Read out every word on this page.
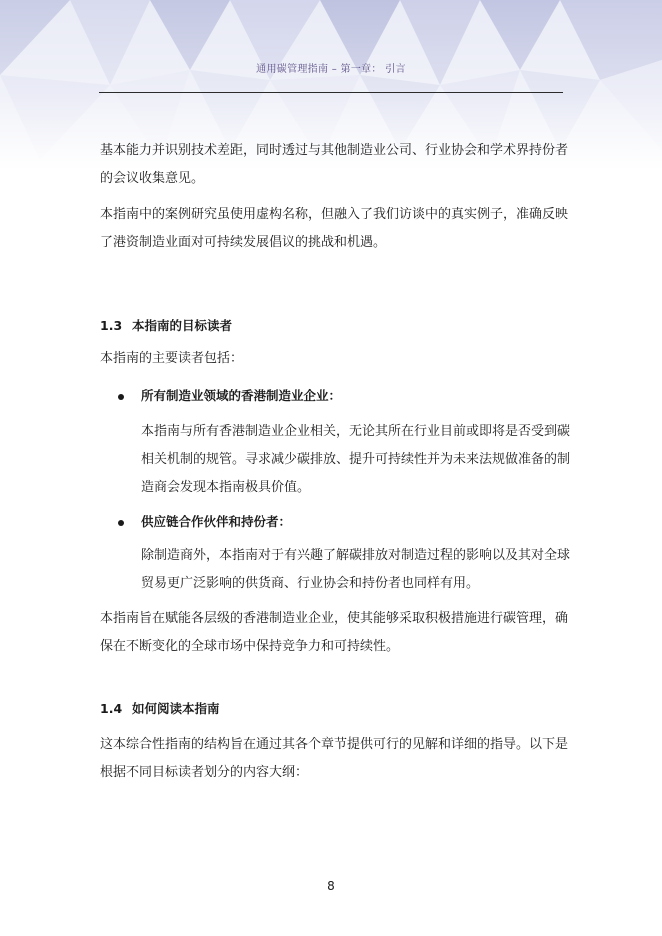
通用碳管理指南 – 第一章： 引言

基本能力并识别技术差距，同时透过与其他制造业公司、行业协会和学术界持份者的会议收集意见。

本指南中的案例研究虽使用虚构名称，但融入了我们访谈中的真实例子，准确反映了港资制造业面对可持续发展倡议的挑战和机遇。

1.3 本指南的目标读者

本指南的主要读者包括：

所有制造业领域的香港制造业企业：

本指南与所有香港制造业企业相关，无论其所在行业目前或即将是否受到碳相关机制的规管。寻求减少碳排放、提升可持续性并为未来法规做准备的制造商会发现本指南极具价值。

供应链合作伙伴和持份者：

除制造商外，本指南对于有兴趣了解碳排放对制造过程的影响以及其对全球贸易更广泛影响的供货商、行业协会和持份者也同样有用。

本指南旨在赋能各层级的香港制造业企业，使其能够采取积极措施进行碳管理，确保在不断变化的全球市场中保持竞争力和可持续性。

1.4 如何阅读本指南

这本综合性指南的结构旨在通过其各个章节提供可行的见解和详细的指导。以下是根据不同目标读者划分的内容大纲：

8
